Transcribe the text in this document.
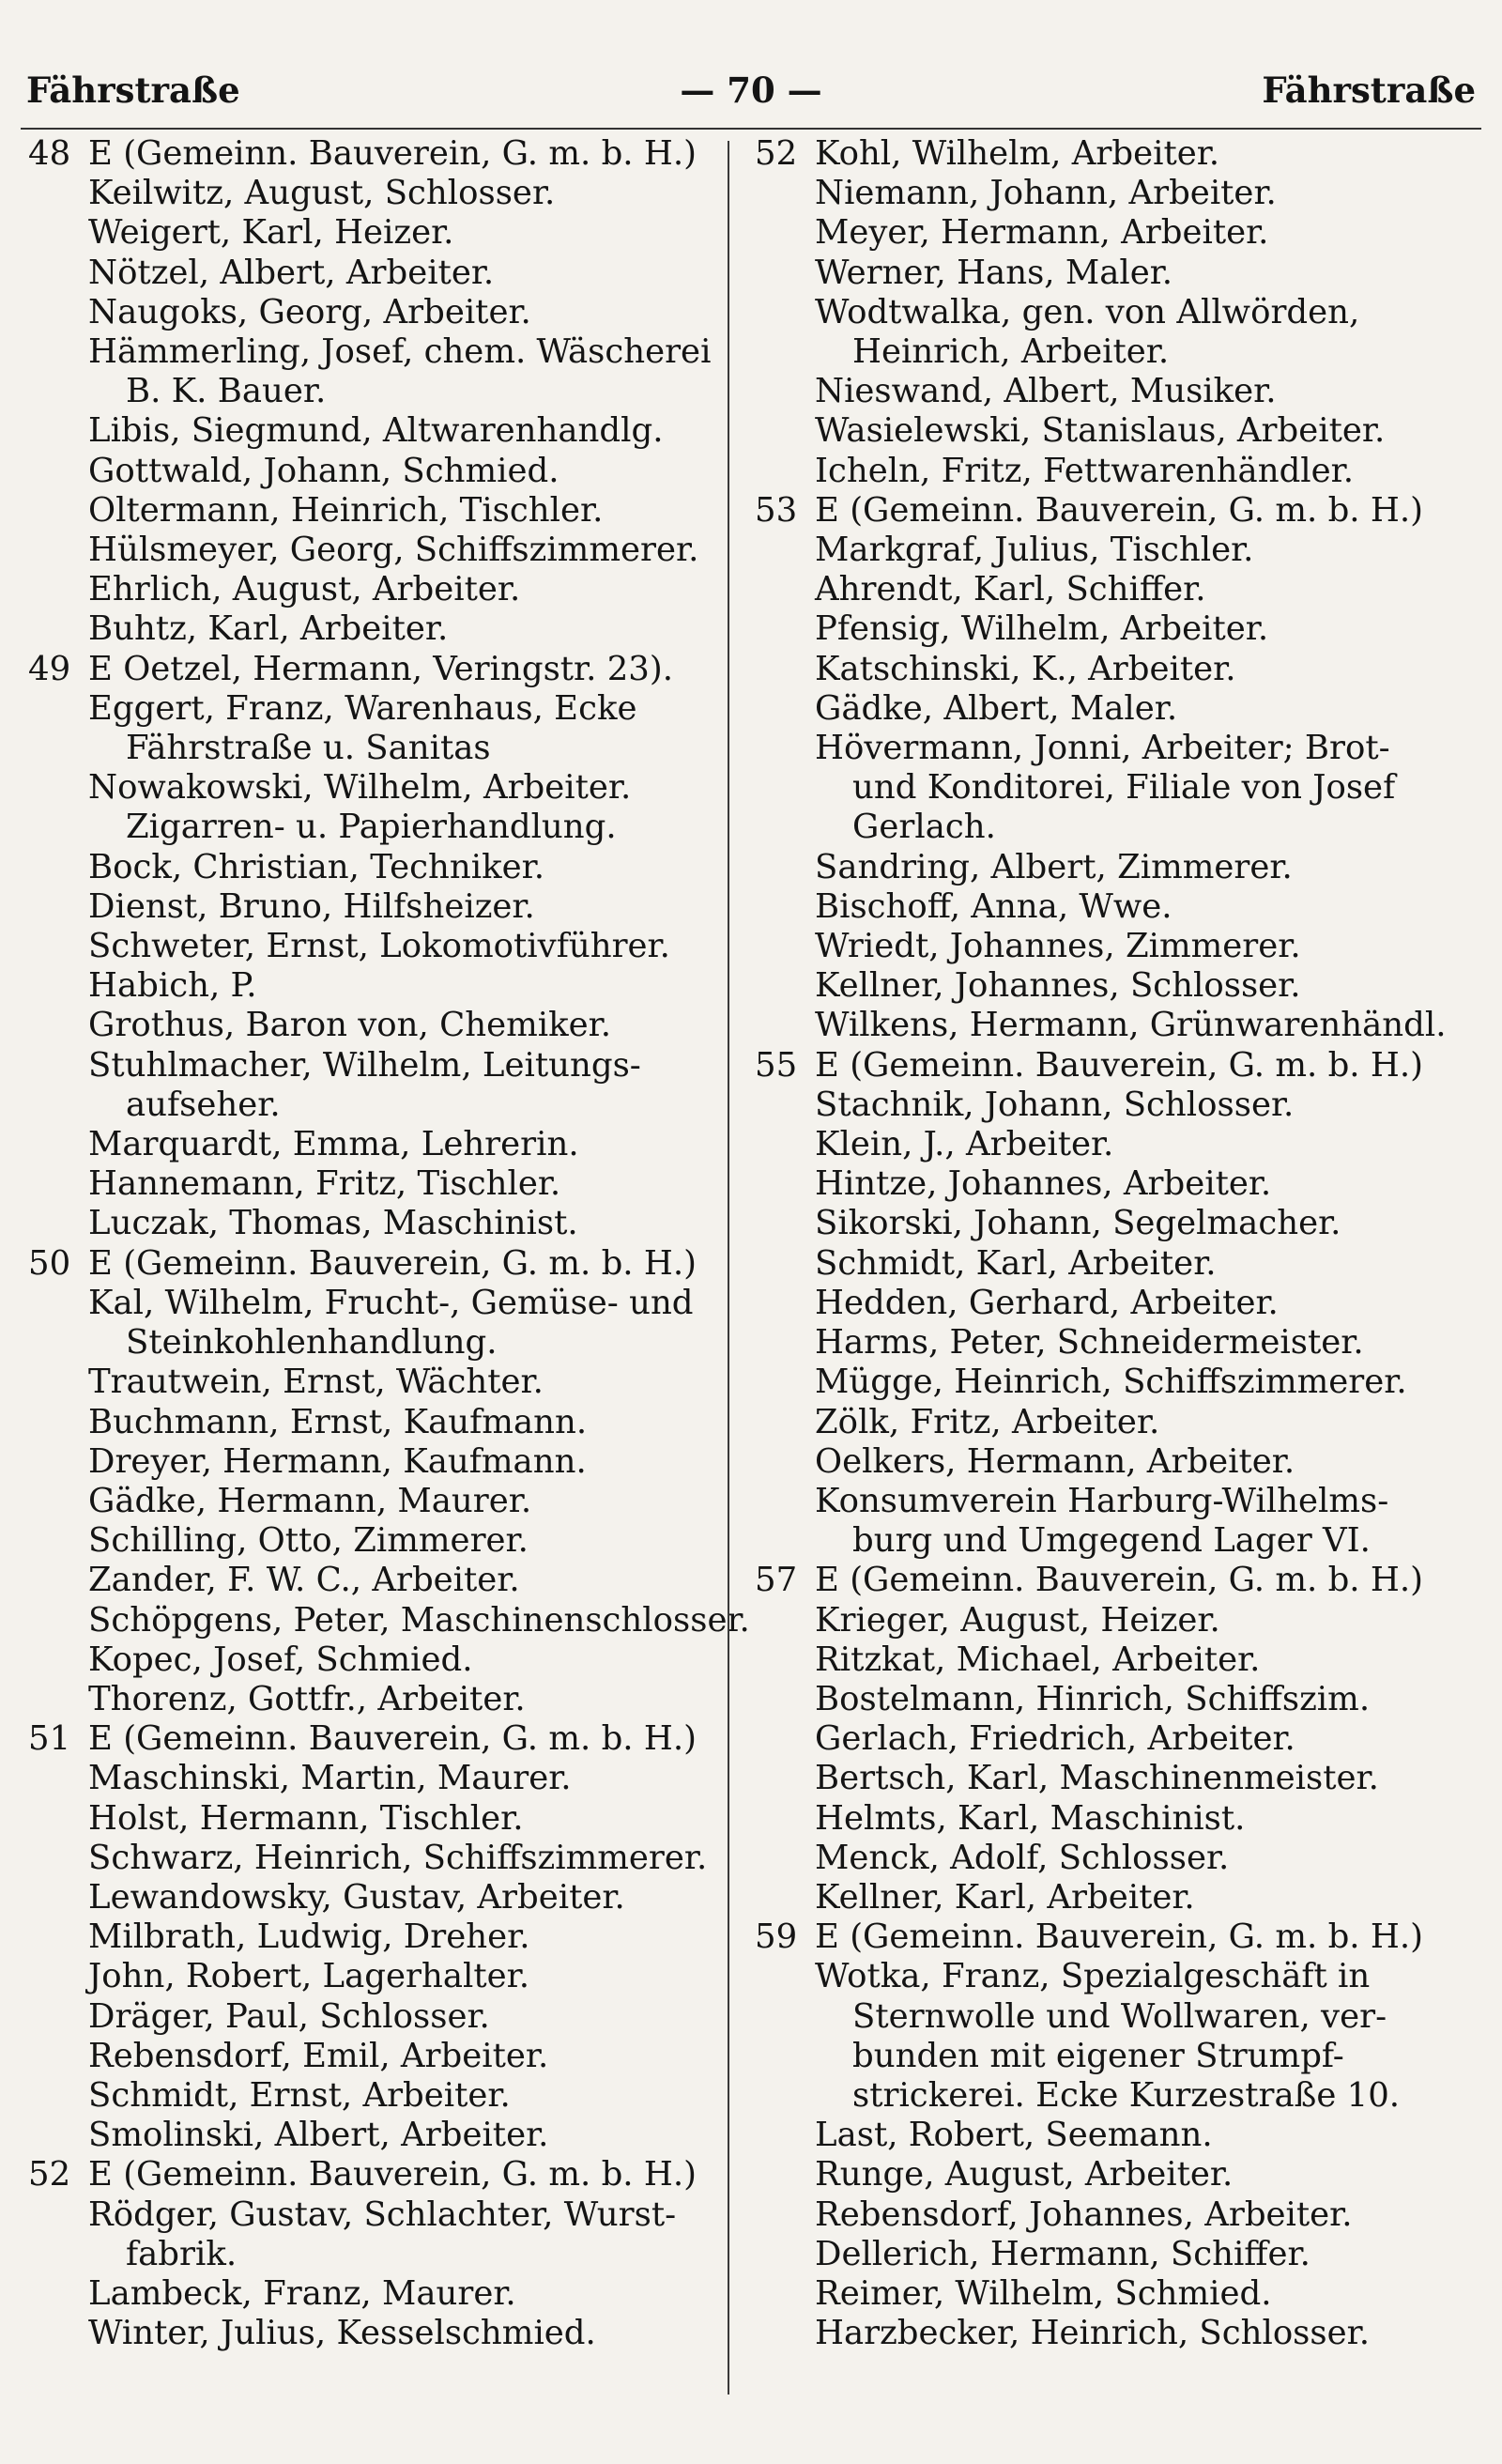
Fährstraße	— 70 —	Fährstraße
48 E (Gemeinn. Bauverein, G. m. b. H.)
Keilwitz, August, Schlosser.
Weigert, Karl, Heizer.
Nötzel, Albert, Arbeiter.
Naugoks, Georg, Arbeiter.
Hämmerling, Josef, chem. Wäscherei
B. K. Bauer.
Libis, Siegmund, Altwarenhandlg.
Gottwald, Johann, Schmied.
Oltermann, Heinrich, Tischler.
Hülsmeyer, Georg, Schiffszimmerer.
Ehrlich, August, Arbeiter.
Buhtz, Karl, Arbeiter.
49 E Oetzel, Hermann, Veringstr. 23).
Eggert, Franz, Warenhaus, Ecke
Fährstraße u. Sanitas
Nowakowski, Wilhelm, Arbeiter.
Zigarren- u. Papierhandlung.
Bock, Christian, Techniker.
Dienst, Bruno, Hilfsheizer.
Schweter, Ernst, Lokomotivführer.
Habich, P.
Grothus, Baron von, Chemiker.
Stuhlmacher, Wilhelm, Leitungs-
aufseher.
Marquardt, Emma, Lehrerin.
Hannemann, Fritz, Tischler.
Luczak, Thomas, Maschinist.
50 E (Gemeinn. Bauverein, G. m. b. H.)
Kal, Wilhelm, Frucht-, Gemüse- und
Steinkohlenhandlung.
Trautwein, Ernst, Wächter.
Buchmann, Ernst, Kaufmann.
Dreyer, Hermann, Kaufmann.
Gädke, Hermann, Maurer.
Schilling, Otto, Zimmerer.
Zander, F. W. C., Arbeiter.
Schöpgens, Peter, Maschinenschlosser.
Kopec, Josef, Schmied.
Thorenz, Gottfr., Arbeiter.
51 E (Gemeinn. Bauverein, G. m. b. H.)
Maschinski, Martin, Maurer.
Holst, Hermann, Tischler.
Schwarz, Heinrich, Schiffszimmerer.
Lewandowsky, Gustav, Arbeiter.
Milbrath, Ludwig, Dreher.
John, Robert, Lagerhalter.
Dräger, Paul, Schlosser.
Rebensdorf, Emil, Arbeiter.
Schmidt, Ernst, Arbeiter.
Smolinski, Albert, Arbeiter.
52 E (Gemeinn. Bauverein, G. m. b. H.)
Rödger, Gustav, Schlachter, Wurst-
fabrik.
Lambeck, Franz, Maurer.
Winter, Julius, Kesselschmied.
52 Kohl, Wilhelm, Arbeiter.
Niemann, Johann, Arbeiter.
Meyer, Hermann, Arbeiter.
Werner, Hans, Maler.
Wodtwalka, gen. von Allwörden,
Heinrich, Arbeiter.
Nieswand, Albert, Musiker.
Wasielewski, Stanislaus, Arbeiter.
Icheln, Fritz, Fettwarenhändler.
53 E (Gemeinn. Bauverein, G. m. b. H.)
Markgraf, Julius, Tischler.
Ahrendt, Karl, Schiffer.
Pfensig, Wilhelm, Arbeiter.
Katschinski, K., Arbeiter.
Gädke, Albert, Maler.
Hövermann, Jonni, Arbeiter; Brot-
und Konditorei, Filiale von Josef
Gerlach.
Sandring, Albert, Zimmerer.
Bischoff, Anna, Wwe.
Wriedt, Johannes, Zimmerer.
Kellner, Johannes, Schlosser.
Wilkens, Hermann, Grünwarenhändl.
55 E (Gemeinn. Bauverein, G. m. b. H.)
Stachnik, Johann, Schlosser.
Klein, J., Arbeiter.
Hintze, Johannes, Arbeiter.
Sikorski, Johann, Segelmacher.
Schmidt, Karl, Arbeiter.
Hedden, Gerhard, Arbeiter.
Harms, Peter, Schneidermeister.
Mügge, Heinrich, Schiffszimmerer.
Zölk, Fritz, Arbeiter.
Oelkers, Hermann, Arbeiter.
Konsumverein Harburg-Wilhelms-
burg und Umgegend Lager VI.
57 E (Gemeinn. Bauverein, G. m. b. H.)
Krieger, August, Heizer.
Ritzkat, Michael, Arbeiter.
Bostelmann, Hinrich, Schiffszim.
Gerlach, Friedrich, Arbeiter.
Bertsch, Karl, Maschinenmeister.
Helmts, Karl, Maschinist.
Menck, Adolf, Schlosser.
Kellner, Karl, Arbeiter.
59 E (Gemeinn. Bauverein, G. m. b. H.)
Wotka, Franz, Spezialgeschäft in
Sternwolle und Wollwaren, ver-
bunden mit eigener Strumpf-
strickerei. Ecke Kurzestraße 10.
Last, Robert, Seemann.
Runge, August, Arbeiter.
Rebensdorf, Johannes, Arbeiter.
Dellerich, Hermann, Schiffer.
Reimer, Wilhelm, Schmied.
Harzbecker, Heinrich, Schlosser.
